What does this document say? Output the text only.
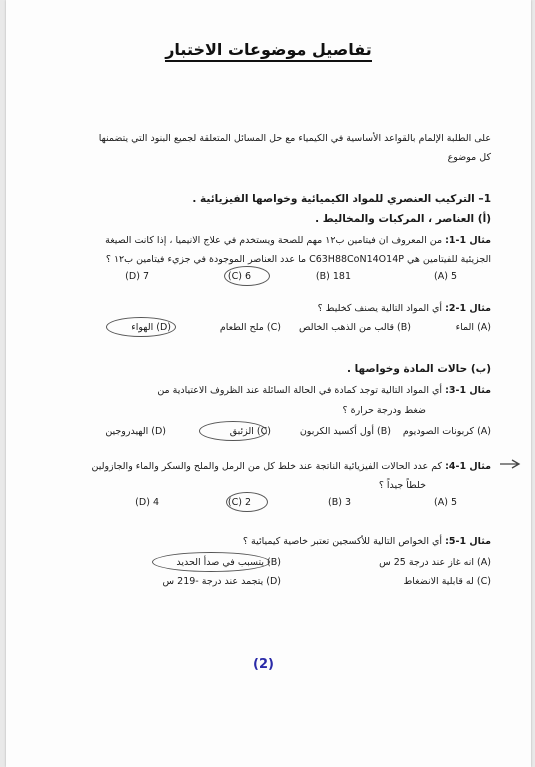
تفاصيل موضوعات الاختبار
على الطلبة الإلمام بالقواعد الأساسية في الكيمياء مع حل المسائل المتعلقة لجميع البنود التي يتضمنها
كل موضوع
1– التركيب العنصري للمواد الكيميائية وخواصها الفيزيائية .
(أ) العناصر ، المركبات والمخاليط .
مثال 1-1: من المعروف ان فيتامين ب١٢ مهم للصحة ويستخدم في علاج الانيميا ، إذا كانت الصيغة
الجزيئية للفيتامين هي C63H88CoN14O14P ما عدد العناصر الموجودة في جزيء فيتامين ب١٢ ؟
5 (A)
181 (B)
6 (C)
7 (D)
مثال 1-2: أي المواد التالية يصنف كخليط ؟
(A) الماء
(B) قالب من الذهب الخالص
(C) ملح الطعام
(D) الهواء
(ب) حالات المادة وخواصها .
مثال 1-3: أي المواد التالية توجد كمادة في الحالة السائلة عند الظروف الاعتيادية من
ضغط ودرجة حرارة ؟
(A) كربونات الصوديوم
(B) أول أكسيد الكربون
(C) الزئبق
(D) الهيدروجين
مثال 1-4: كم عدد الحالات الفيزيائية الناتجة عند خلط كل من الرمل والملح والسكر والماء والجازولين
خلطاً جيداً ؟
5 (A)
3 (B)
2 (C)
4 (D)
مثال 1-5: أي الخواص التالية للأكسجين تعتبر خاصية كيميائية ؟
(A) انه غاز عند درجة 25 س
(B) يتسبب في صدأ الحديد
(C) له قابلية الانضغاط
(D) يتجمد عند درجة -219 س
(2)
